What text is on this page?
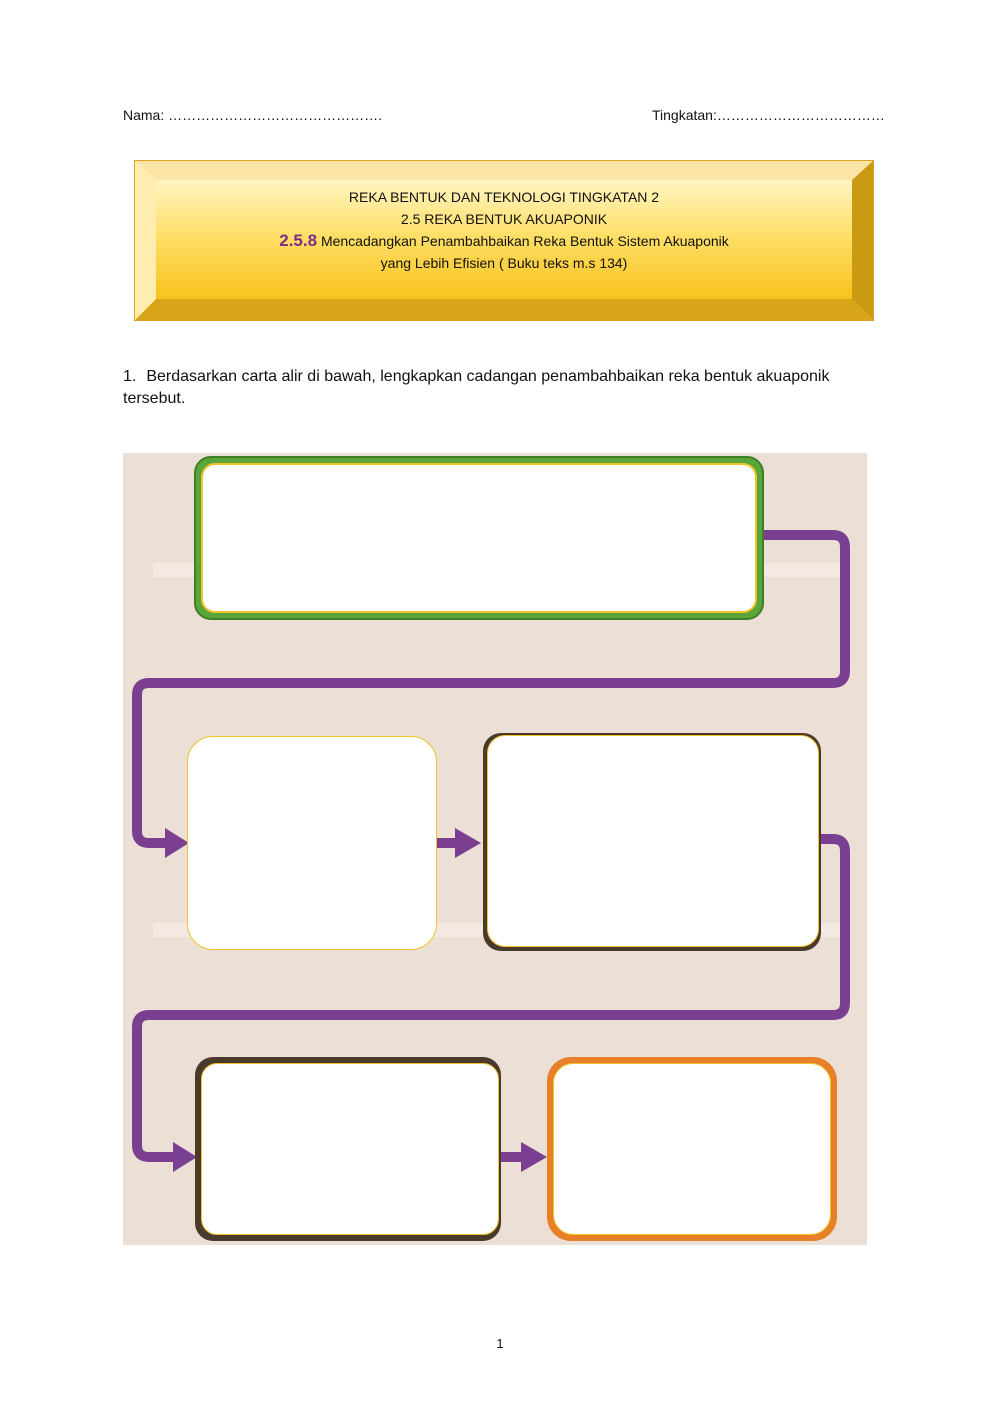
Nama: ……………………………………….	Tingkatan:………………………………
REKA BENTUK DAN TEKNOLOGI TINGKATAN 2
2.5 REKA BENTUK AKUAPONIK
2.5.8 Mencadangkan Penambahbaikan Reka Bentuk Sistem Akuaponik
yang Lebih Efisien ( Buku teks m.s 134)
1. Berdasarkan carta alir di bawah, lengkapkan cadangan penambahbaikan reka bentuk akuaponik tersebut.
1
